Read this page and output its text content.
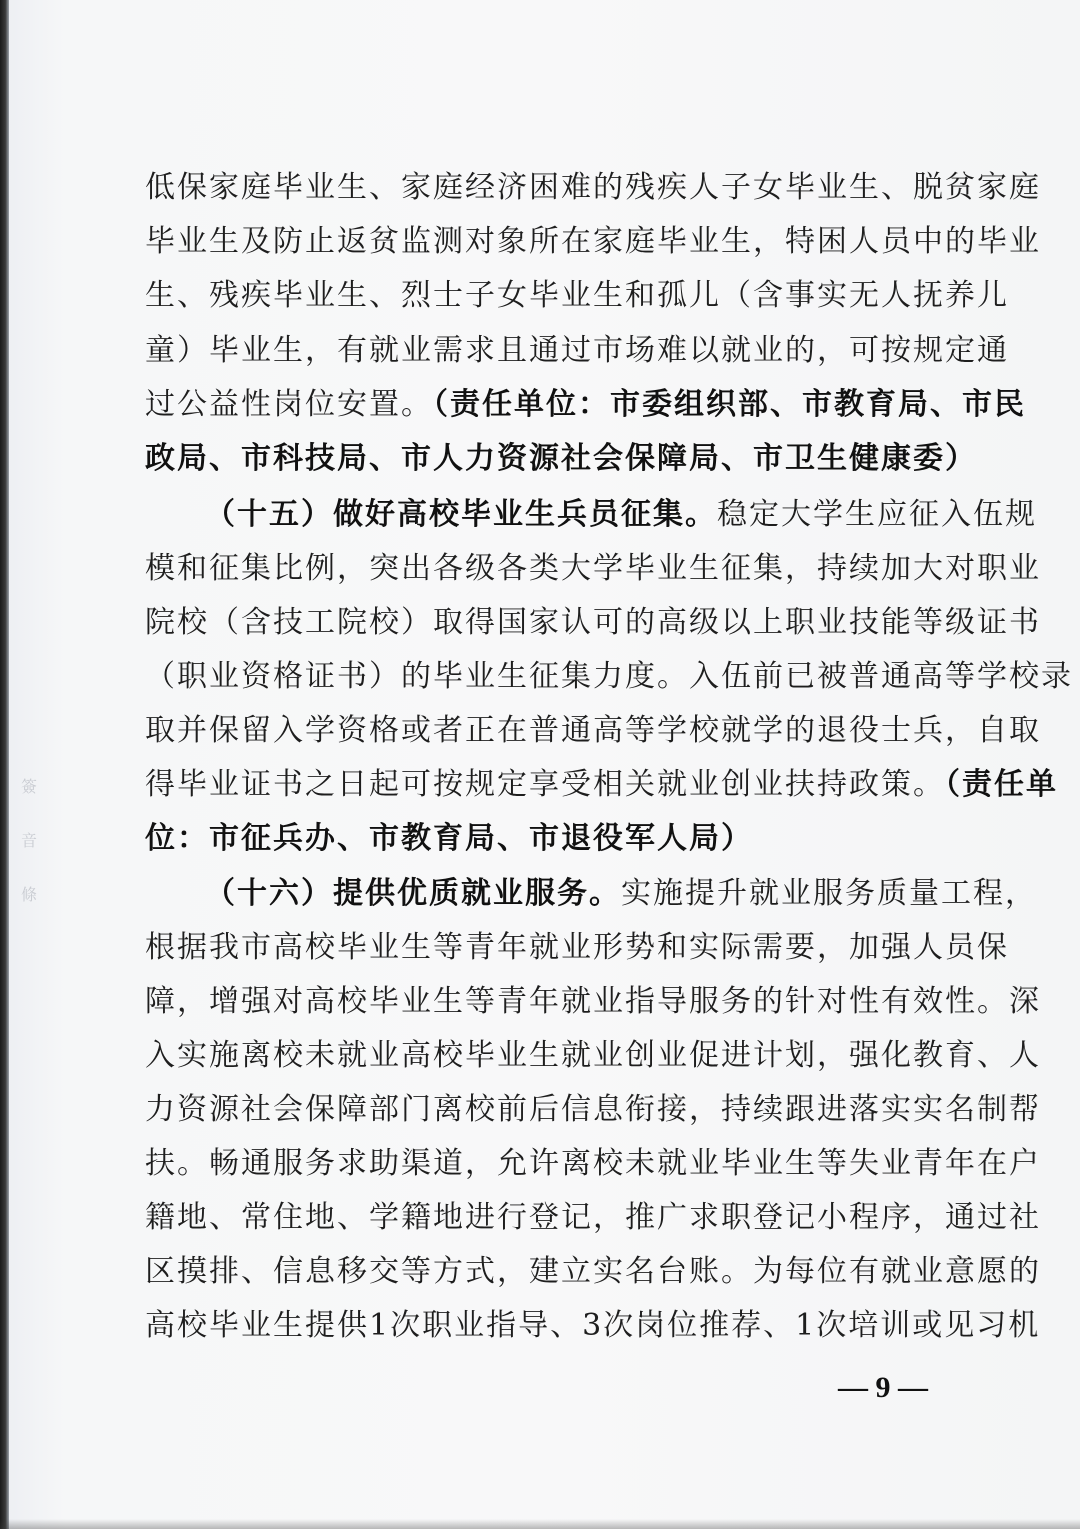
簽
音
條
低保家庭毕业生、家庭经济困难的残疾人子女毕业生、脱贫家庭
毕业生及防止返贫监测对象所在家庭毕业生，特困人员中的毕业
生、残疾毕业生、烈士子女毕业生和孤儿（含事实无人抚养儿
童）毕业生，有就业需求且通过市场难以就业的，可按规定通
过公益性岗位安置。（责任单位：市委组织部、市教育局、市民
政局、市科技局、市人力资源社会保障局、市卫生健康委）
（十五）做好高校毕业生兵员征集。稳定大学生应征入伍规
模和征集比例，突出各级各类大学毕业生征集，持续加大对职业
院校（含技工院校）取得国家认可的高级以上职业技能等级证书
（职业资格证书）的毕业生征集力度。入伍前已被普通高等学校录
取并保留入学资格或者正在普通高等学校就学的退役士兵，自取
得毕业证书之日起可按规定享受相关就业创业扶持政策。（责任单
位：市征兵办、市教育局、市退役军人局）
（十六）提供优质就业服务。实施提升就业服务质量工程，
根据我市高校毕业生等青年就业形势和实际需要，加强人员保
障，增强对高校毕业生等青年就业指导服务的针对性有效性。深
入实施离校未就业高校毕业生就业创业促进计划，强化教育、人
力资源社会保障部门离校前后信息衔接，持续跟进落实实名制帮
扶。畅通服务求助渠道，允许离校未就业毕业生等失业青年在户
籍地、常住地、学籍地进行登记，推广求职登记小程序，通过社
区摸排、信息移交等方式，建立实名台账。为每位有就业意愿的
高校毕业生提供1次职业指导、3次岗位推荐、1次培训或见习机
— 9 —
